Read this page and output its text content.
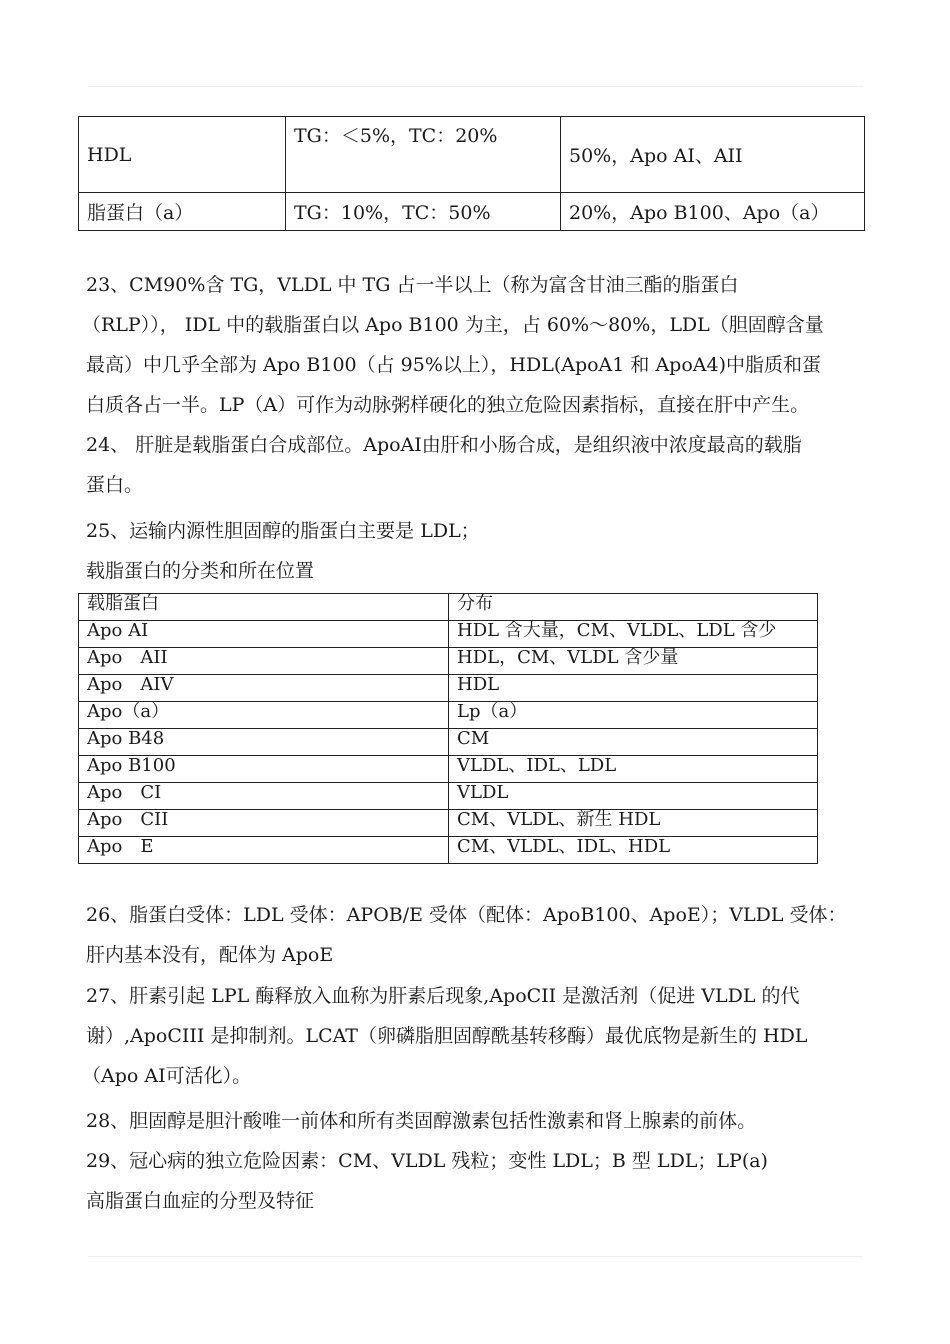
HDL	TG：＜5%，TC：20%	50%，Apo AI、AII
脂蛋白（a）	TG：10%，TC：50%	20%，Apo B100、Apo（a）
23、CM90%含 TG，VLDL 中 TG 占一半以上（称为富含甘油三酯的脂蛋白
（RLP））， IDL 中的载脂蛋白以 Apo B100 为主，占 60%～80%，LDL（胆固醇含量
最高）中几乎全部为 Apo B100（占 95%以上），HDL(ApoA1 和 ApoA4)中脂质和蛋
白质各占一半。LP（A）可作为动脉粥样硬化的独立危险因素指标，直接在肝中产生。
24、 肝脏是载脂蛋白合成部位。ApoAI由肝和小肠合成，是组织液中浓度最高的载脂
蛋白。
25、运输内源性胆固醇的脂蛋白主要是 LDL；
载脂蛋白的分类和所在位置
载脂蛋白	分布
Apo AI	HDL 含大量，CM、VLDL、LDL 含少
Apo　AII	HDL，CM、VLDL 含少量
Apo　AIV	HDL
Apo（a）	Lp（a）
Apo B48	CM
Apo B100	VLDL、IDL、LDL
Apo　CI	VLDL
Apo　CII	CM、VLDL、新生 HDL
Apo　E	CM、VLDL、IDL、HDL
26、脂蛋白受体：LDL 受体：APOB/E 受体（配体：ApoB100、ApoE）；VLDL 受体：
肝内基本没有，配体为 ApoE
27、肝素引起 LPL 酶释放入血称为肝素后现象,ApoCII 是激活剂（促进 VLDL 的代
谢）,ApoCIII 是抑制剂。LCAT（卵磷脂胆固醇酰基转移酶）最优底物是新生的 HDL
（Apo AI可活化）。
28、胆固醇是胆汁酸唯一前体和所有类固醇激素包括性激素和肾上腺素的前体。
29、冠心病的独立危险因素：CM、VLDL 残粒；变性 LDL；B 型 LDL；LP(a)
高脂蛋白血症的分型及特征
